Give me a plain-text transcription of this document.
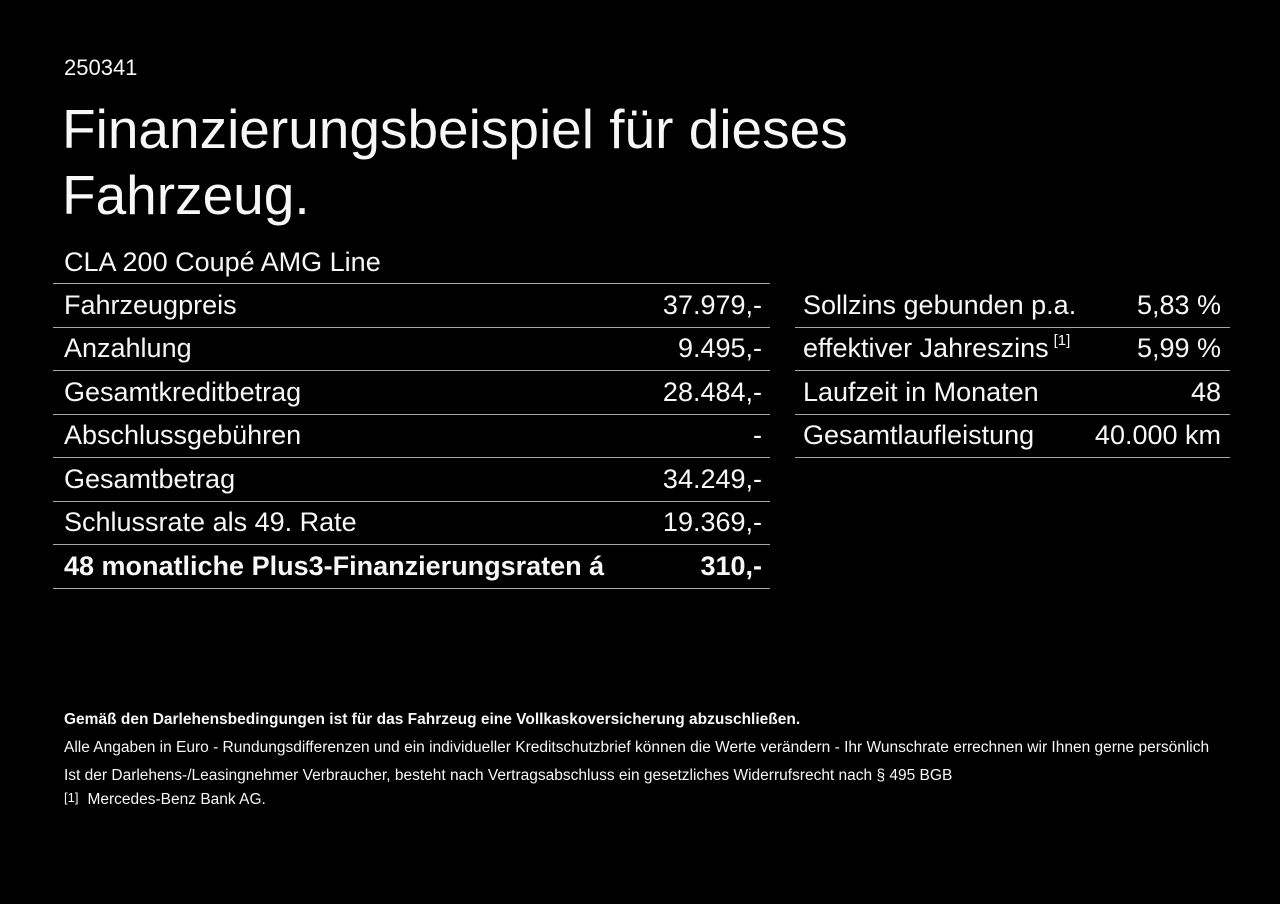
250341
Finanzierungsbeispiel für dieses Fahrzeug.
CLA 200 Coupé AMG Line
Fahrzeugpreis	37.979,-
Anzahlung	9.495,-
Gesamtkreditbetrag	28.484,-
Abschlussgebühren	-
Gesamtbetrag	34.249,-
Schlussrate als 49. Rate	19.369,-
48 monatliche Plus3-Finanzierungsraten á	310,-
Sollzins gebunden p.a. 5,83 %
effektiver Jahreszins [1] 5,99 %
Laufzeit in Monaten	48
Gesamtlaufleistung 40.000 km

Gemäß den Darlehensbedingungen ist für das Fahrzeug eine Vollkaskoversicherung abzuschließen.

Alle Angaben in Euro - Rundungsdifferenzen und ein individueller Kreditschutzbrief können die Werte verändern - Ihr Wunschrate errechnen wir Ihnen gerne persönlich

Ist der Darlehens-/Leasingnehmer Verbraucher, besteht nach Vertragsabschluss ein gesetzliches Widerrufsrecht nach § 495 BGB

[1] Mercedes-Benz Bank AG.
